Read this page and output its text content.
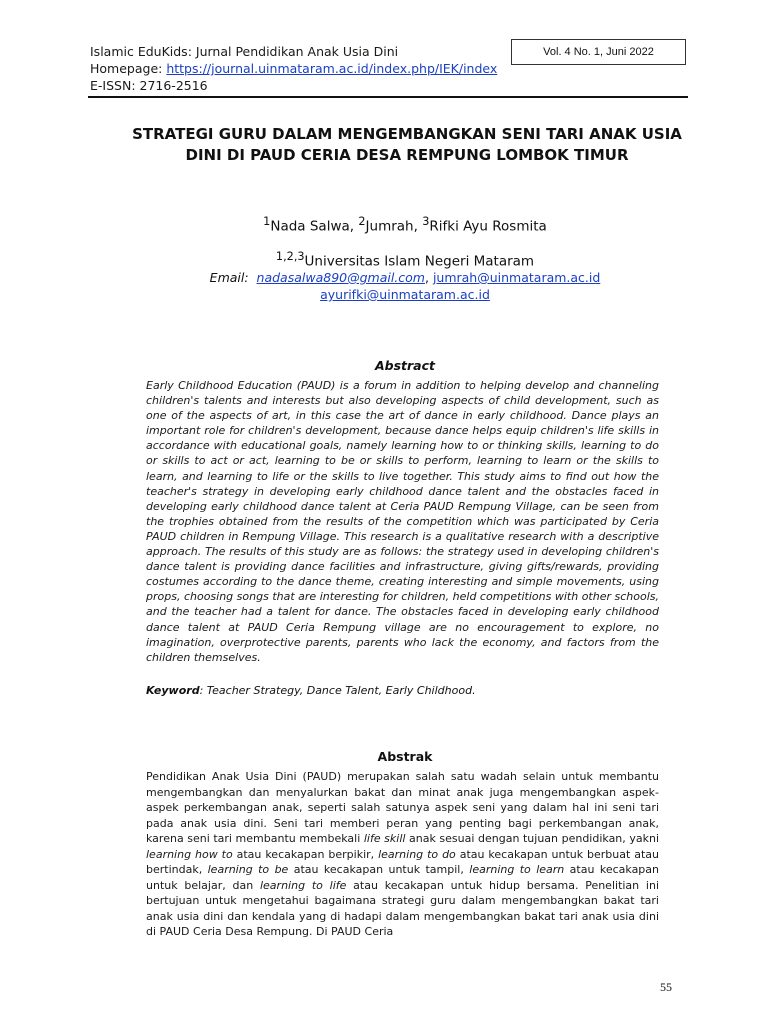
Islamic EduKids: Jurnal Pendidikan Anak Usia Dini
Homepage: https://journal.uinmataram.ac.id/index.php/IEK/index
E-ISSN: 2716-2516
Vol. 4 No. 1, Juni 2022
STRATEGI GURU DALAM MENGEMBANGKAN SENI TARI ANAK USIA DINI DI PAUD CERIA DESA REMPUNG LOMBOK TIMUR
$^1$Nada Salwa, $^2$Jumrah, $^3$Rifki Ayu Rosmita
$^{1,2,3}$Universitas Islam Negeri Mataram
Email: nadasalwa890@gmail.com, jumrah@uinmataram.ac.id
ayurifki@uinmataram.ac.id
Abstract
Early Childhood Education (PAUD) is a forum in addition to helping develop and channeling children's talents and interests but also developing aspects of child development, such as one of the aspects of art, in this case the art of dance in early childhood. Dance plays an important role for children's development, because dance helps equip children's life skills in accordance with educational goals, namely learning how to or thinking skills, learning to do or skills to act or act, learning to be or skills to perform, learning to learn or the skills to learn, and learning to life or the skills to live together. This study aims to find out how the teacher's strategy in developing early childhood dance talent and the obstacles faced in developing early childhood dance talent at Ceria PAUD Rempung Village, can be seen from the trophies obtained from the results of the competition which was participated by Ceria PAUD children in Rempung Village. This research is a qualitative research with a descriptive approach. The results of this study are as follows: the strategy used in developing children's dance talent is providing dance facilities and infrastructure, giving gifts/rewards, providing costumes according to the dance theme, creating interesting and simple movements, using props, choosing songs that are interesting for children, held competitions with other schools, and the teacher had a talent for dance. The obstacles faced in developing early childhood dance talent at PAUD Ceria Rempung village are no encouragement to explore, no imagination, overprotective parents, parents who lack the economy, and factors from the children themselves.
Keyword: Teacher Strategy, Dance Talent, Early Childhood.
Abstrak
Pendidikan Anak Usia Dini (PAUD) merupakan salah satu wadah selain untuk membantu mengembangkan dan menyalurkan bakat dan minat anak juga mengembangkan aspek-aspek perkembangan anak, seperti salah satunya aspek seni yang dalam hal ini seni tari pada anak usia dini. Seni tari memberi peran yang penting bagi perkembangan anak, karena seni tari membantu membekali life skill anak sesuai dengan tujuan pendidikan, yakni learning how to atau kecakapan berpikir, learning to do atau kecakapan untuk berbuat atau bertindak, learning to be atau kecakapan untuk tampil, learning to learn atau kecakapan untuk belajar, dan learning to life atau kecakapan untuk hidup bersama. Penelitian ini bertujuan untuk mengetahui bagaimana strategi guru dalam mengembangkan bakat tari anak usia dini dan kendala yang di hadapi dalam mengembangkan bakat tari anak usia dini di PAUD Ceria Desa Rempung. Di PAUD Ceria
55
